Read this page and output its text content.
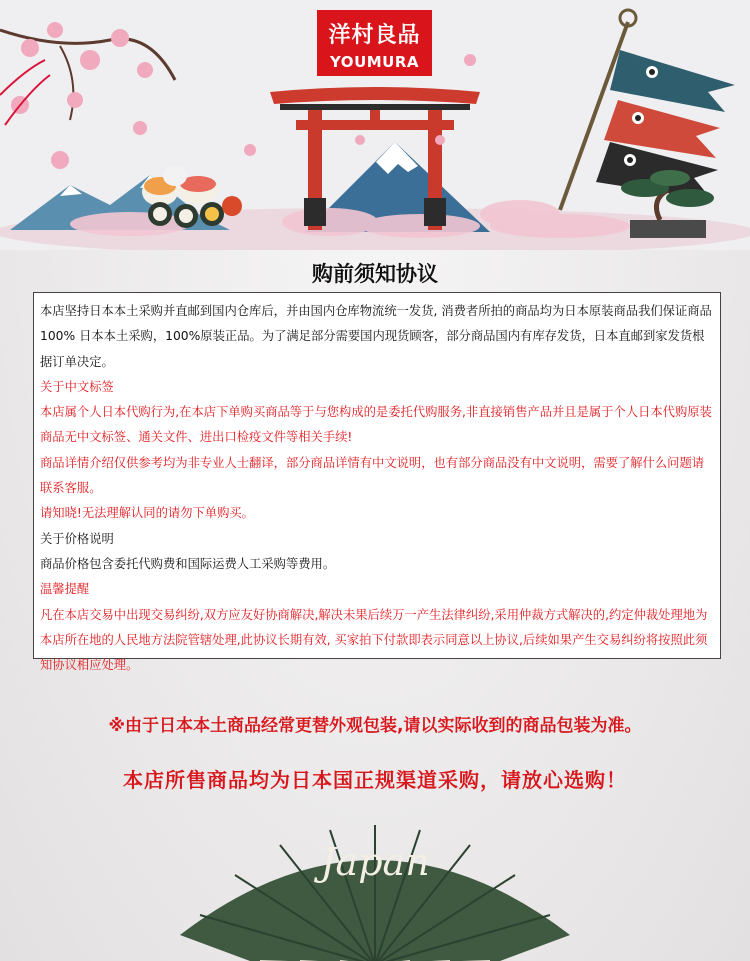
洋村良品
YOUMURA
购前须知协议

本店坚持日本本土采购并直邮到国内仓库后，并由国内仓库物流统一发货, 消费者所拍的商品均为日本原装商品我们保证商品100% 日本本土采购，100%原装正品。为了满足部分需要国内现货顾客，部分商品国内有库存发货，日本直邮到家发货根据订单决定。

关于中文标签

本店属个人日本代购行为,在本店下单购买商品等于与您构成的是委托代购服务,非直接销售产品并且是属于个人日本代购原装商品无中文标签、通关文件、进出口检疫文件等相关手续!

商品详情介绍仅供参考均为非专业人士翻译，部分商品详情有中文说明，也有部分商品没有中文说明，需要了解什么问题请联系客服。

请知晓!无法理解认同的请勿下单购买。

关于价格说明

商品价格包含委托代购费和国际运费人工采购等费用。

温馨提醒

凡在本店交易中出现交易纠纷,双方应友好协商解决,解决未果后续万一产生法律纠纷,采用仲裁方式解决的,约定仲裁处理地为本店所在地的人民地方法院管辖处理,此协议长期有效, 买家拍下付款即表示同意以上协议,后续如果产生交易纠纷将按照此须知协议相应处理。

※由于日本本土商品经常更替外观包装,请以实际收到的商品包装为准。
本店所售商品均为日本国正规渠道采购，请放心选购！
Japan
